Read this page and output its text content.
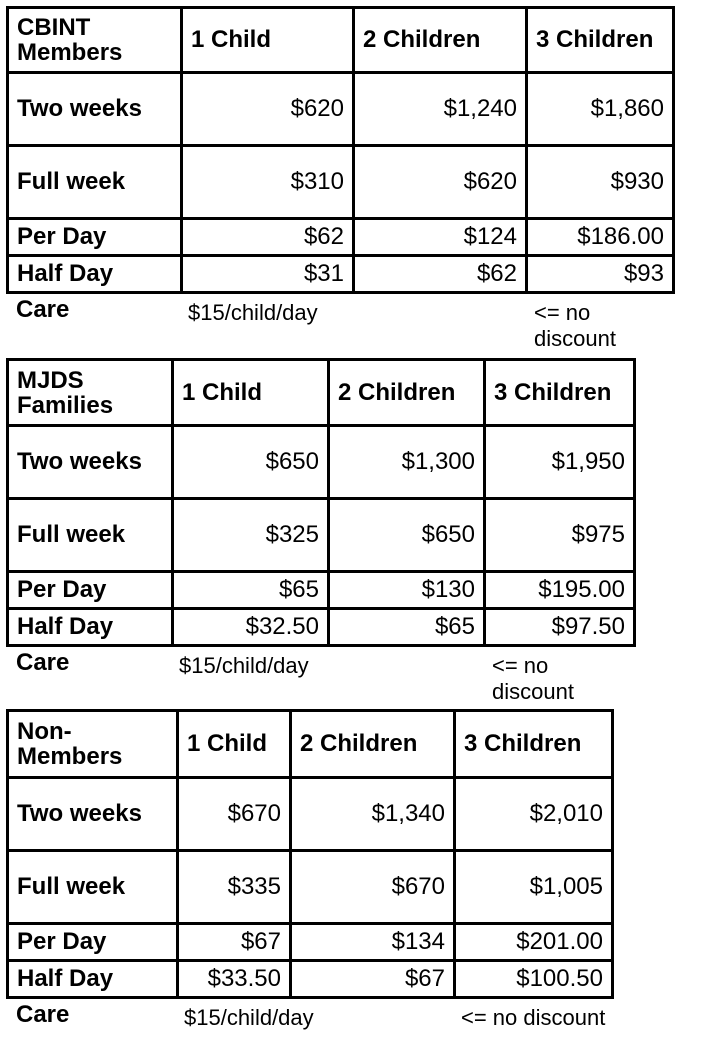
CBINT
Members	1 Child	2 Children	3 Children
Two weeks	$620	$1,240	$1,860
Full week	$310	$620	$930
Per Day	$62	$124	$186.00
Half Day	$31	$62	$93
Care	$15/child/day	<= no discount
MJDS
Families	1 Child	2 Children	3 Children
Two weeks	$650	$1,300	$1,950
Full week	$325	$650	$975
Per Day	$65	$130	$195.00
Half Day	$32.50	$65	$97.50
Care	$15/child/day	<= no discount
Non-
Members	1 Child	2 Children	3 Children
Two weeks	$670	$1,340	$2,010
Full week	$335	$670	$1,005
Per Day	$67	$134	$201.00
Half Day	$33.50	$67	$100.50
Care	$15/child/day	<= no discount
